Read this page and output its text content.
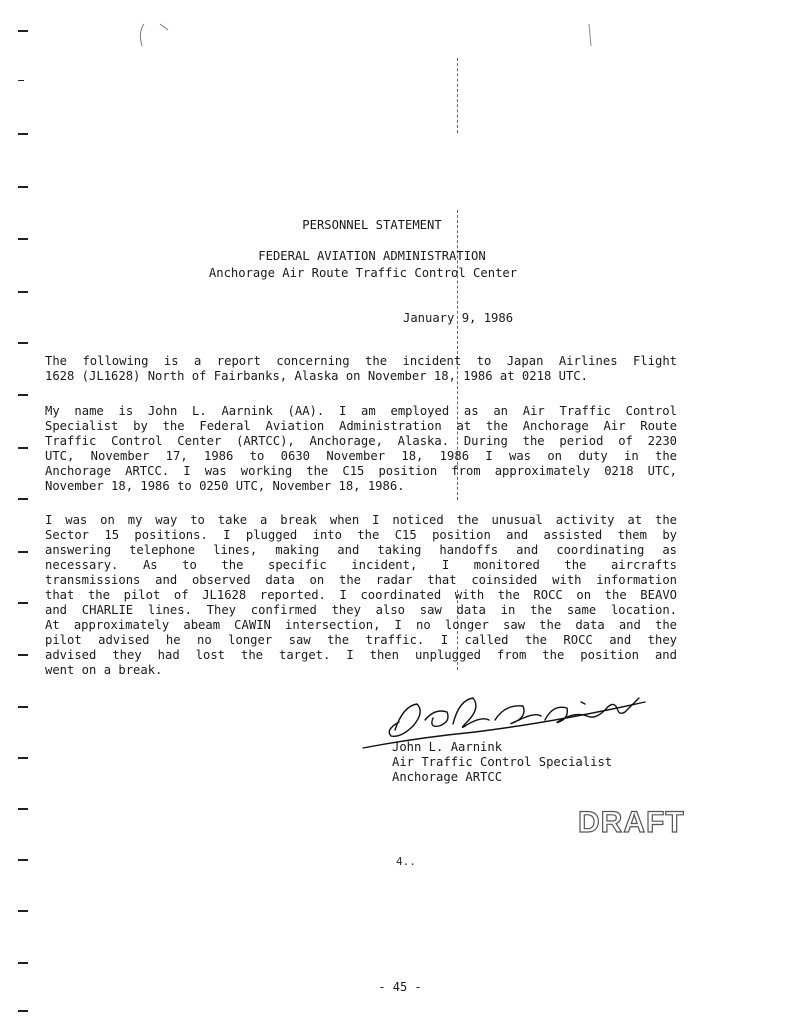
PERSONNEL STATEMENT
FEDERAL AVIATION ADMINISTRATION
Anchorage Air Route Traffic Control Center
January 9, 1986

The following is a report concerning the incident to Japan Airlines Flight

1628 (JL1628) North of Fairbanks, Alaska on November 18, 1986 at 0218 UTC.

My name is John L. Aarnink (AA). I am employed as an Air Traffic Control

Specialist by the Federal Aviation Administration at the Anchorage Air Route

Traffic Control Center (ARTCC), Anchorage, Alaska. During the period of 2230

UTC, November 17, 1986 to 0630 November 18, 1986 I was on duty in the

Anchorage ARTCC. I was working the C15 position from approximately 0218 UTC,

November 18, 1986 to 0250 UTC, November 18, 1986.

I was on my way to take a break when I noticed the unusual activity at the

Sector 15 positions. I plugged into the C15 position and assisted them by

answering telephone lines, making and taking handoffs and coordinating as

necessary. As to the specific incident, I monitored the aircrafts

transmissions and observed data on the radar that coinsided with information

that the pilot of JL1628 reported. I coordinated with the ROCC on the BEAVO

and CHARLIE lines. They confirmed they also saw data in the same location.

At approximately abeam CAWIN intersection, I no longer saw the data and the

pilot advised he no longer saw the traffic. I called the ROCC and they

advised they had lost the target. I then unplugged from the position and

went on a break.

John L. Aarnink
Air Traffic Control Specialist
Anchorage ARTCC
DRAFT
4..
- 45 -
